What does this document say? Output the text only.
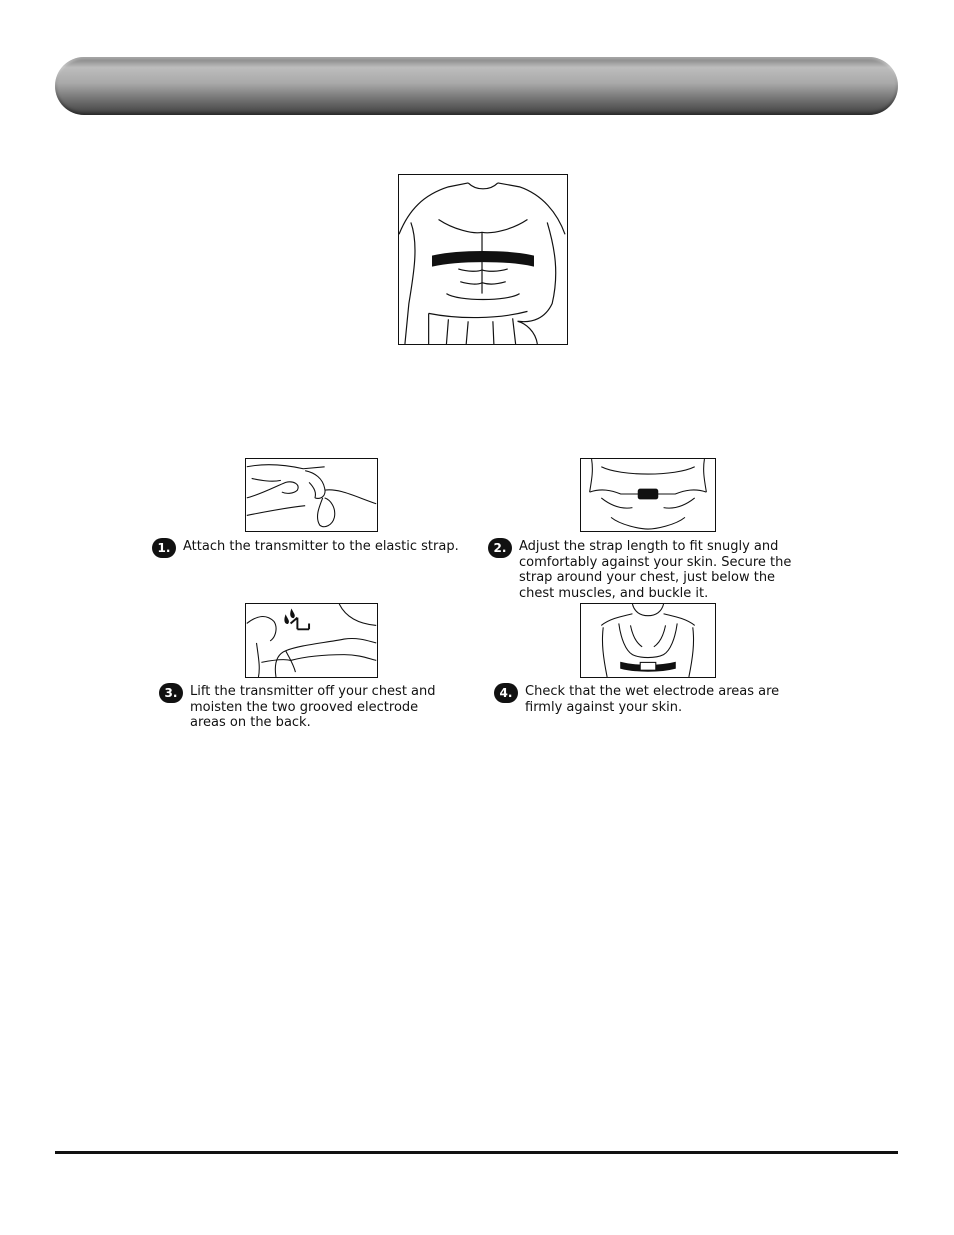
1. Attach the transmitter to the elastic strap.	2. Adjust the strap length to fit snugly and comfortably against your skin. Secure the strap around your chest, just below the chest muscles, and buckle it.
3. Lift the transmitter off your chest and moisten the two grooved electrode areas on the back.
4. Check that the wet electrode areas are firmly against your skin.
